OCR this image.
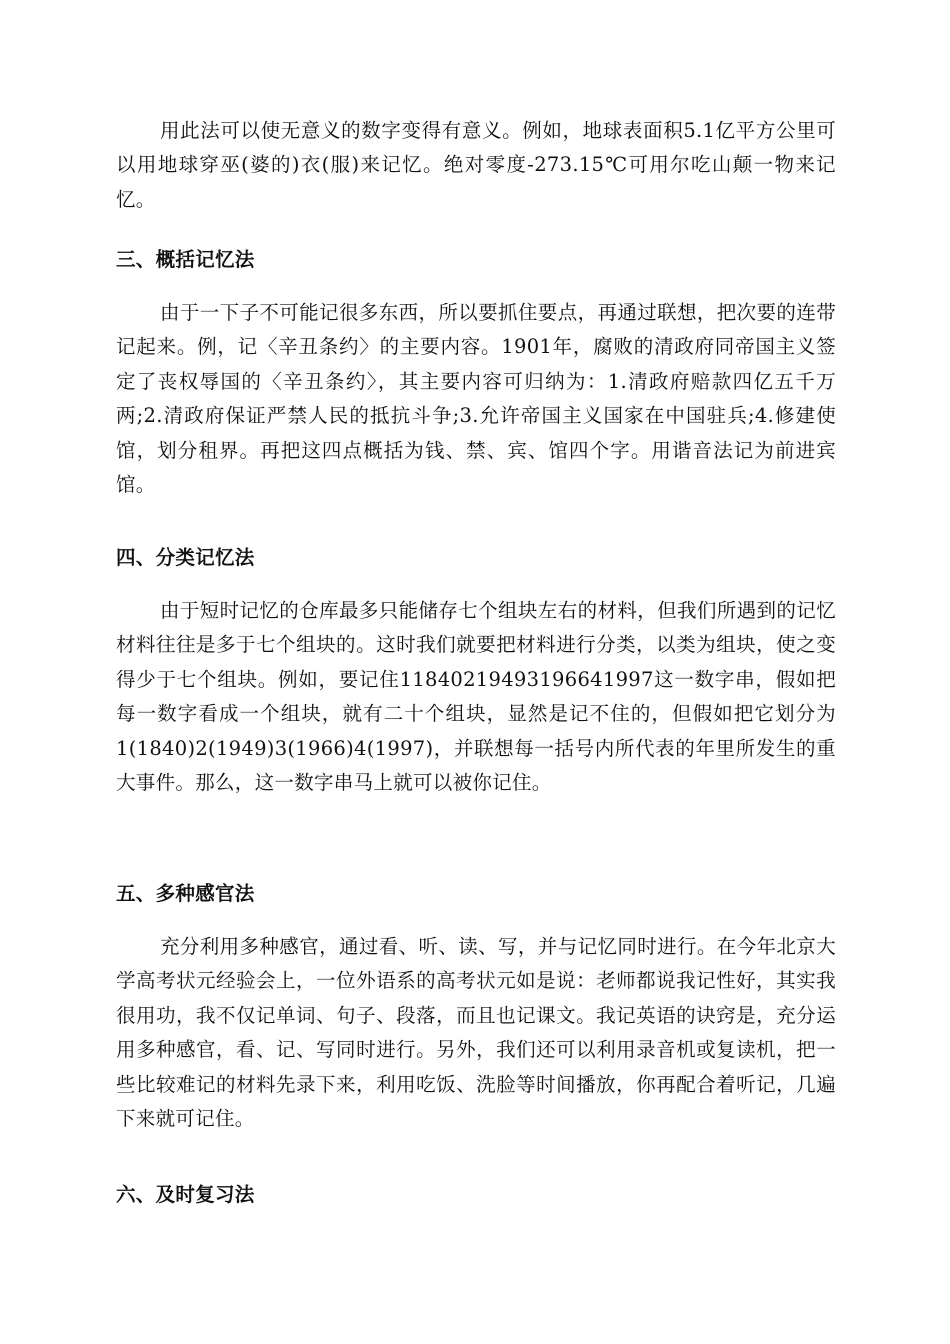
用此法可以使无意义的数字变得有意义。例如，地球表面积5.1亿平方公里可以用地球穿巫(婆的)衣(服)来记忆。绝对零度-273.15℃可用尔吃山颠一物来记忆。

三、概括记忆法

由于一下子不可能记很多东西，所以要抓住要点，再通过联想，把次要的连带记起来。例，记〈辛丑条约〉的主要内容。1901年，腐败的清政府同帝国主义签定了丧权辱国的〈辛丑条约〉，其主要内容可归纳为：1.清政府赔款四亿五千万两;2.清政府保证严禁人民的抵抗斗争;3.允许帝国主义国家在中国驻兵;4.修建使馆，划分租界。再把这四点概括为钱、禁、宾、馆四个字。用谐音法记为前进宾馆。

四、分类记忆法

由于短时记忆的仓库最多只能储存七个组块左右的材料，但我们所遇到的记忆材料往往是多于七个组块的。这时我们就要把材料进行分类，以类为组块，使之变得少于七个组块。例如，要记住11840219493196641997这一数字串，假如把每一数字看成一个组块，就有二十个组块，显然是记不住的，但假如把它划分为1(1840)2(1949)3(1966)4(1997)，并联想每一括号内所代表的年里所发生的重大事件。那么，这一数字串马上就可以被你记住。

五、多种感官法

充分利用多种感官，通过看、听、读、写，并与记忆同时进行。在今年北京大学高考状元经验会上，一位外语系的高考状元如是说：老师都说我记性好，其实我很用功，我不仅记单词、句子、段落，而且也记课文。我记英语的诀窍是，充分运用多种感官，看、记、写同时进行。另外，我们还可以利用录音机或复读机，把一些比较难记的材料先录下来，利用吃饭、洗脸等时间播放，你再配合着听记，几遍下来就可记住。

六、及时复习法
